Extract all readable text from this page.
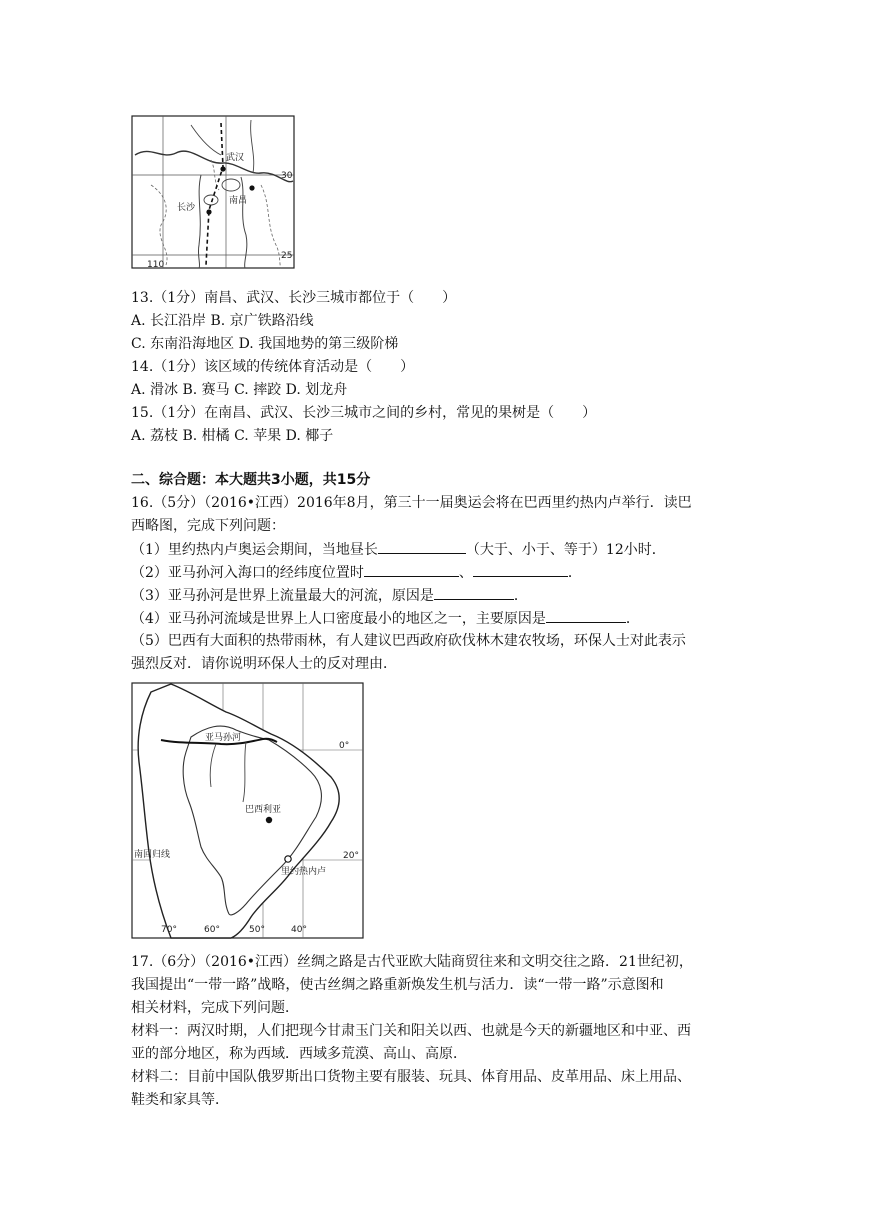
武汉
长沙
南昌
30
25
110
13.（1分）南昌、武汉、长沙三城市都位于（　　）
A. 长江沿岸 B. 京广铁路沿线
C. 东南沿海地区 D. 我国地势的第三级阶梯
14.（1分）该区域的传统体育活动是（　　）
A. 滑冰 B. 赛马 C. 摔跤 D. 划龙舟
15.（1分）在南昌、武汉、长沙三城市之间的乡村，常见的果树是（　　）
A. 荔枝 B. 柑橘 C. 苹果 D. 椰子
二、综合题：本大题共3小题，共15分
16.（5分）（2016•江西）2016年8月，第三十一届奥运会将在巴西里约热内卢举行．读巴
西略图，完成下列问题：
（1）里约热内卢奥运会期间，当地昼长	（大于、小于、等于）12小时．
（2）亚马孙河入海口的经纬度位置时	、	．
（3）亚马孙河是世界上流量最大的河流，原因是	．
（4）亚马孙河流域是世界上人口密度最小的地区之一，主要原因是	．
（5）巴西有大面积的热带雨林，有人建议巴西政府砍伐林木建农牧场，环保人士对此表示
强烈反对．请你说明环保人士的反对理由．
亚马孙河
巴西利亚
里约热内卢
南回归线
0°
20°
70°	60°	50°	40°
17.（6分）（2016•江西）丝绸之路是古代亚欧大陆商贸往来和文明交往之路．21世纪初，
我国提出“一带一路”战略，使古丝绸之路重新焕发生机与活力．读“一带一路”示意图和
相关材料，完成下列问题．
材料一：两汉时期，人们把现今甘肃玉门关和阳关以西、也就是今天的新疆地区和中亚、西
亚的部分地区，称为西域．西域多荒漠、高山、高原．
材料二：目前中国队俄罗斯出口货物主要有服装、玩具、体育用品、皮革用品、床上用品、
鞋类和家具等．
